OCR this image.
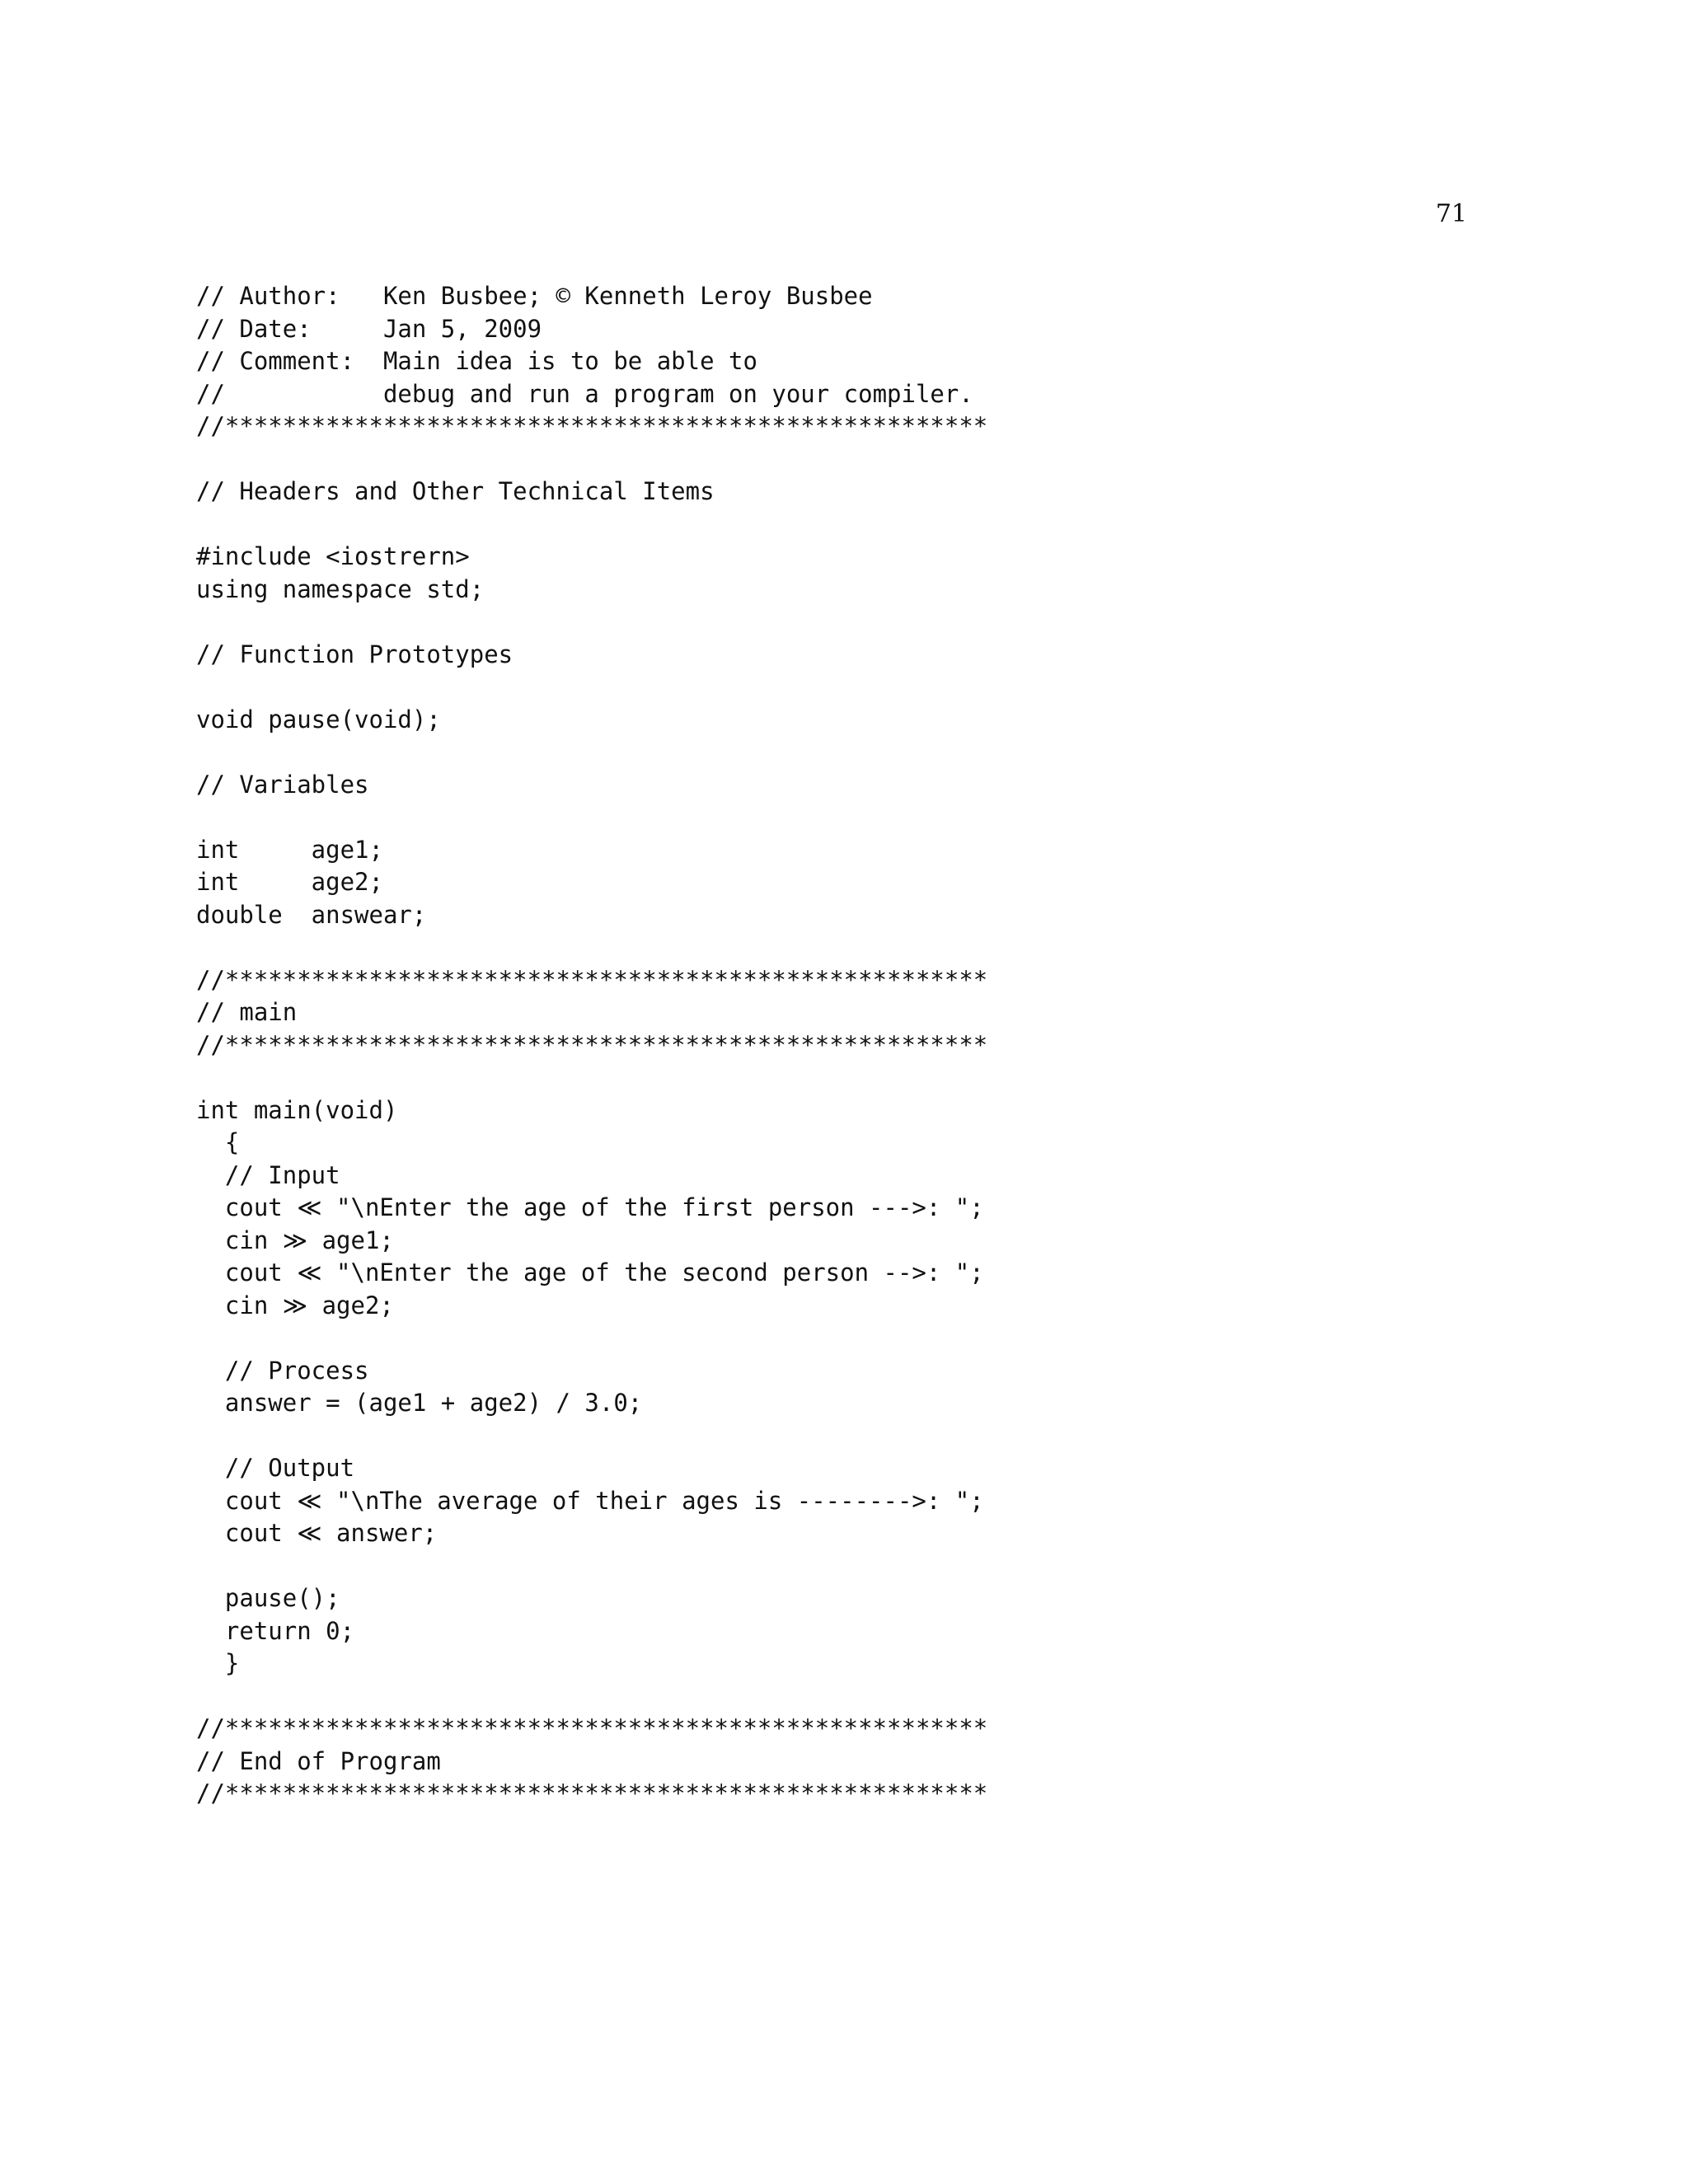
71
// Author:   Ken Busbee; © Kenneth Leroy Busbee
// Date:     Jan 5, 2009
// Comment:  Main idea is to be able to
//           debug and run a program on your compiler.
//*****************************************************
// Headers and Other Technical Items
#include <iostrern>
using namespace std;
// Function Prototypes
void pause(void);
// Variables
int     age1;
int     age2;
double  answear;
//*****************************************************
// main
//*****************************************************
int main(void)
{
// Input
cout ≪ "\nEnter the age of the first person --->: ";
cin ≫ age1;
cout ≪ "\nEnter the age of the second person -->: ";
cin ≫ age2;
// Process
answer = (age1 + age2) / 3.0;
// Output
cout ≪ "\nThe average of their ages is -------->: ";
cout ≪ answer;
pause();
return 0;
}
//*****************************************************
// End of Program
//*****************************************************
